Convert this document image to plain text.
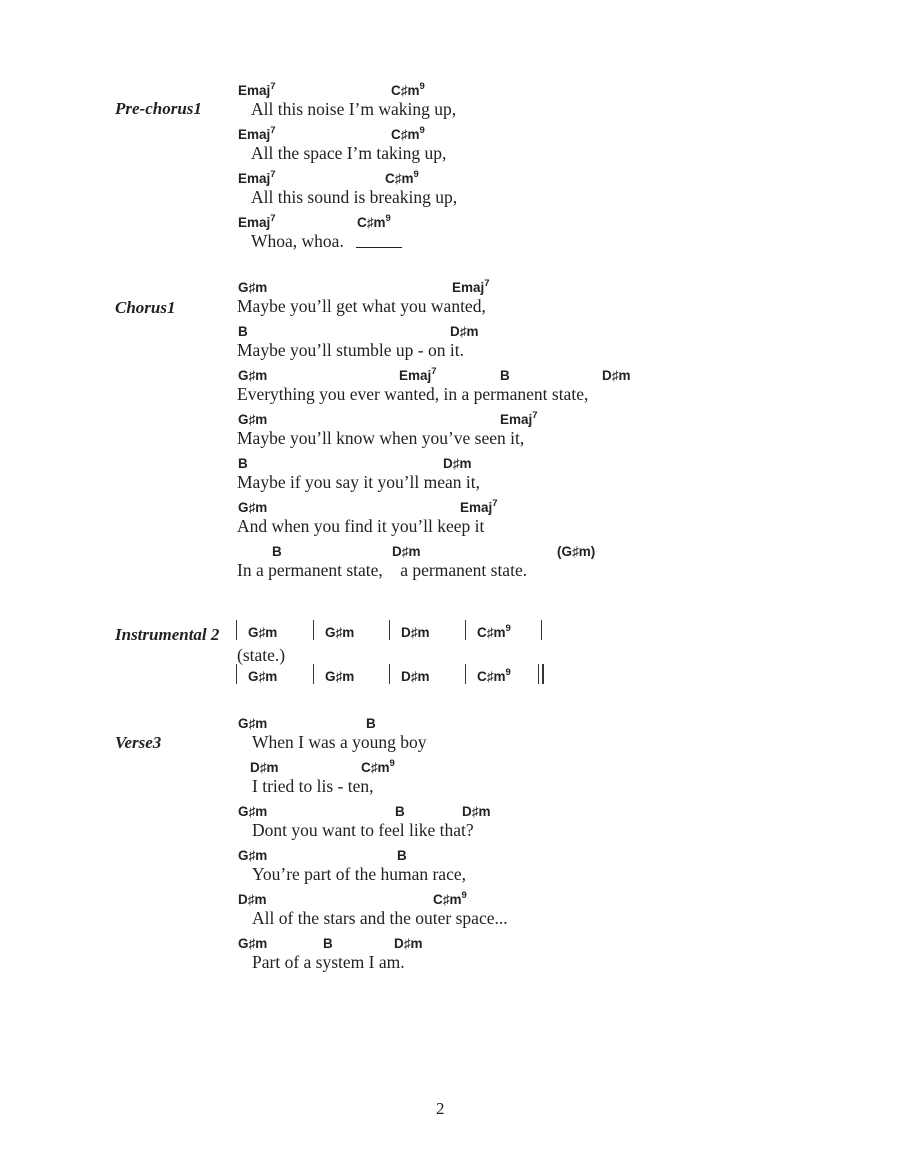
Pre-chorus1
Emaj$^7$	$C♯m^9$
All this noise I’m waking up,
Emaj$^7$	$C♯m^9$
All the space I’m taking up,
Emaj$^7$	$C♯m^9$
All this sound is breaking up,
Emaj$^7$	$C♯m^9$
Whoa, whoa.
Chorus1
G♯m	Emaj$^7$
Maybe you’ll get what you wanted,
B	D♯m
Maybe you’ll stumble up - on it.
G♯m	Emaj$^7$	B	D♯m
Everything you ever wanted, in a permanent state,
G♯m	Emaj$^7$
Maybe you’ll know when you’ve seen it,
B	D♯m
Maybe if you say it you’ll mean it,
G♯m	Emaj$^7$
And when you find it you’ll keep it
B	D♯m	(G♯m)
In a permanent state,    a permanent state.
Instrumental 2 G♯m	G♯m	D♯m	$C♯m^9$
(state.)
G♯m	G♯m	D♯m	$C♯m^9$
Verse3
G♯m	B
When I was a young boy
D♯m	$C♯m^9$
I tried to lis - ten,
G♯m	B	D♯m
Dont you want to feel like that?
G♯m	B
You’re part of the human race,
D♯m	$C♯m^9$
All of the stars and the outer space...
G♯m	B	D♯m
Part of a system I am.
2
